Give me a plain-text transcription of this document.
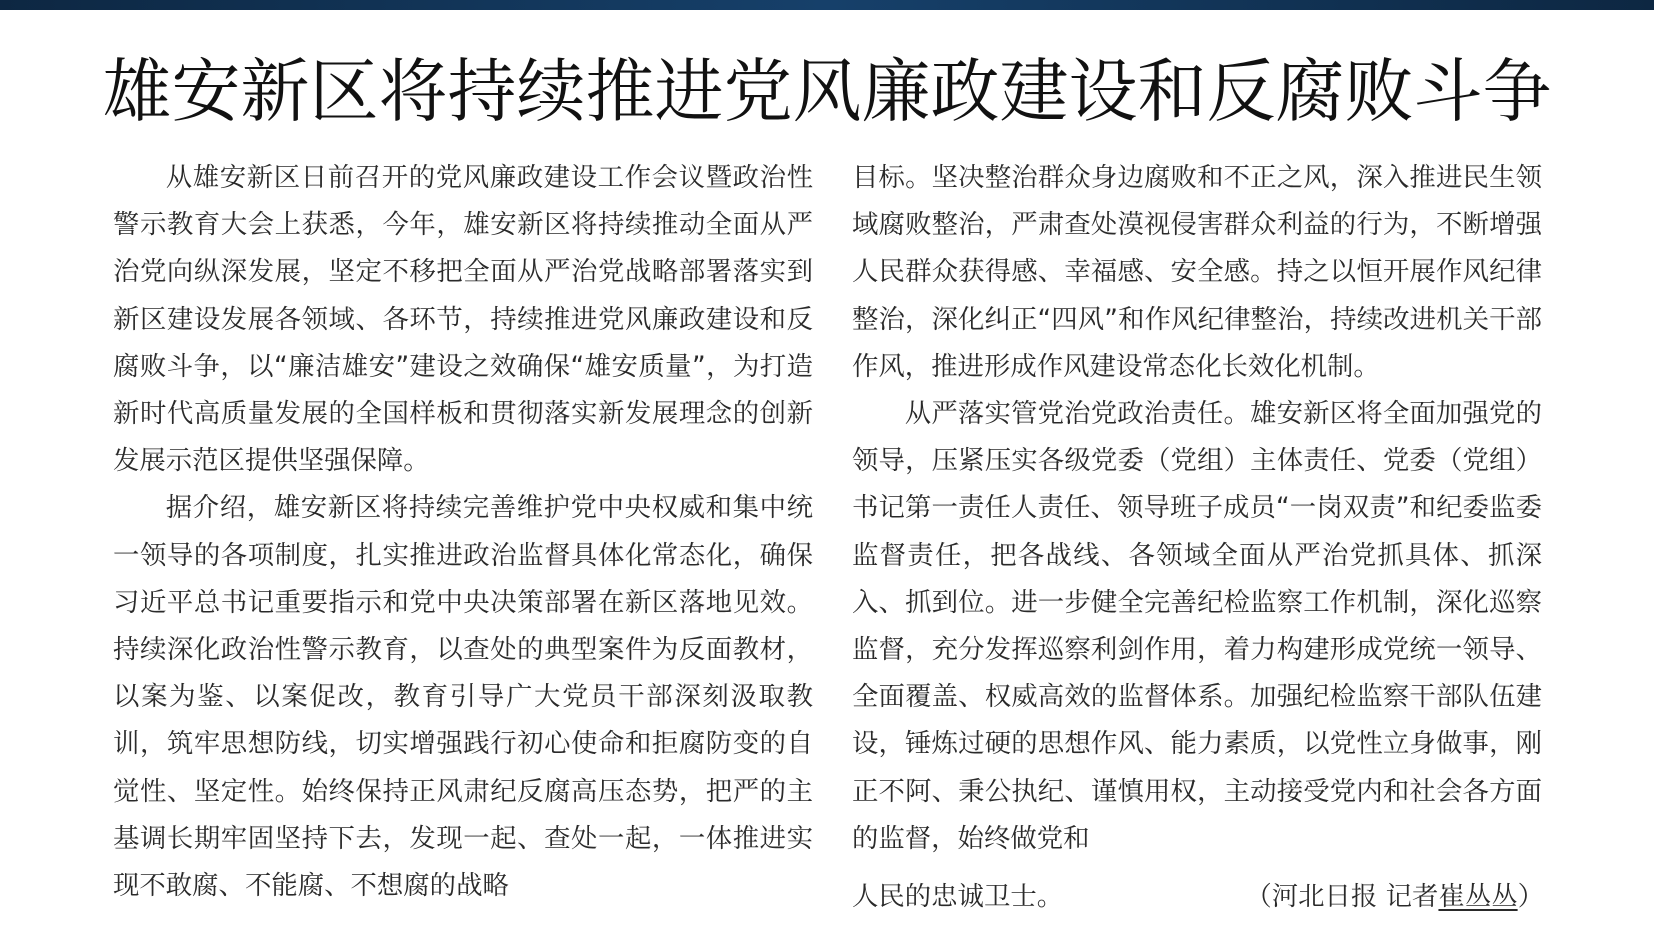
雄安新区将持续推进党风廉政建设和反腐败斗争

从雄安新区日前召开的党风廉政建设工作会议暨政治性警示教育大会上获悉，今年，雄安新区将持续推动全面从严治党向纵深发展，坚定不移把全面从严治党战略部署落实到新区建设发展各领域、各环节，持续推进党风廉政建设和反腐败斗争，以“廉洁雄安”建设之效确保“雄安质量”，为打造新时代高质量发展的全国样板和贯彻落实新发展理念的创新发展示范区提供坚强保障。

据介绍，雄安新区将持续完善维护党中央权威和集中统一领导的各项制度，扎实推进政治监督具体化常态化，确保习近平总书记重要指示和党中央决策部署在新区落地见效。持续深化政治性警示教育，以查处的典型案件为反面教材，以案为鉴、以案促改，教育引导广大党员干部深刻汲取教训，筑牢思想防线，切实增强践行初心使命和拒腐防变的自觉性、坚定性。始终保持正风肃纪反腐高压态势，把严的主基调长期牢固坚持下去，发现一起、查处一起，一体推进实现不敢腐、不能腐、不想腐的战略

目标。坚决整治群众身边腐败和不正之风，深入推进民生领域腐败整治，严肃查处漠视侵害群众利益的行为，不断增强人民群众获得感、幸福感、安全感。持之以恒开展作风纪律整治，深化纠正“四风”和作风纪律整治，持续改进机关干部作风，推进形成作风建设常态化长效化机制。

从严落实管党治党政治责任。雄安新区将全面加强党的领导，压紧压实各级党委（党组）主体责任、党委（党组）书记第一责任人责任、领导班子成员“一岗双责”和纪委监委监督责任，把各战线、各领域全面从严治党抓具体、抓深入、抓到位。进一步健全完善纪检监察工作机制，深化巡察监督，充分发挥巡察利剑作用，着力构建形成党统一领导、全面覆盖、权威高效的监督体系。加强纪检监察干部队伍建设，锤炼过硬的思想作风、能力素质，以党性立身做事，刚正不阿、秉公执纪、谨慎用权，主动接受党内和社会各方面的监督，始终做党和

人民的忠诚卫士。	（河北日报 记者崔丛丛）
